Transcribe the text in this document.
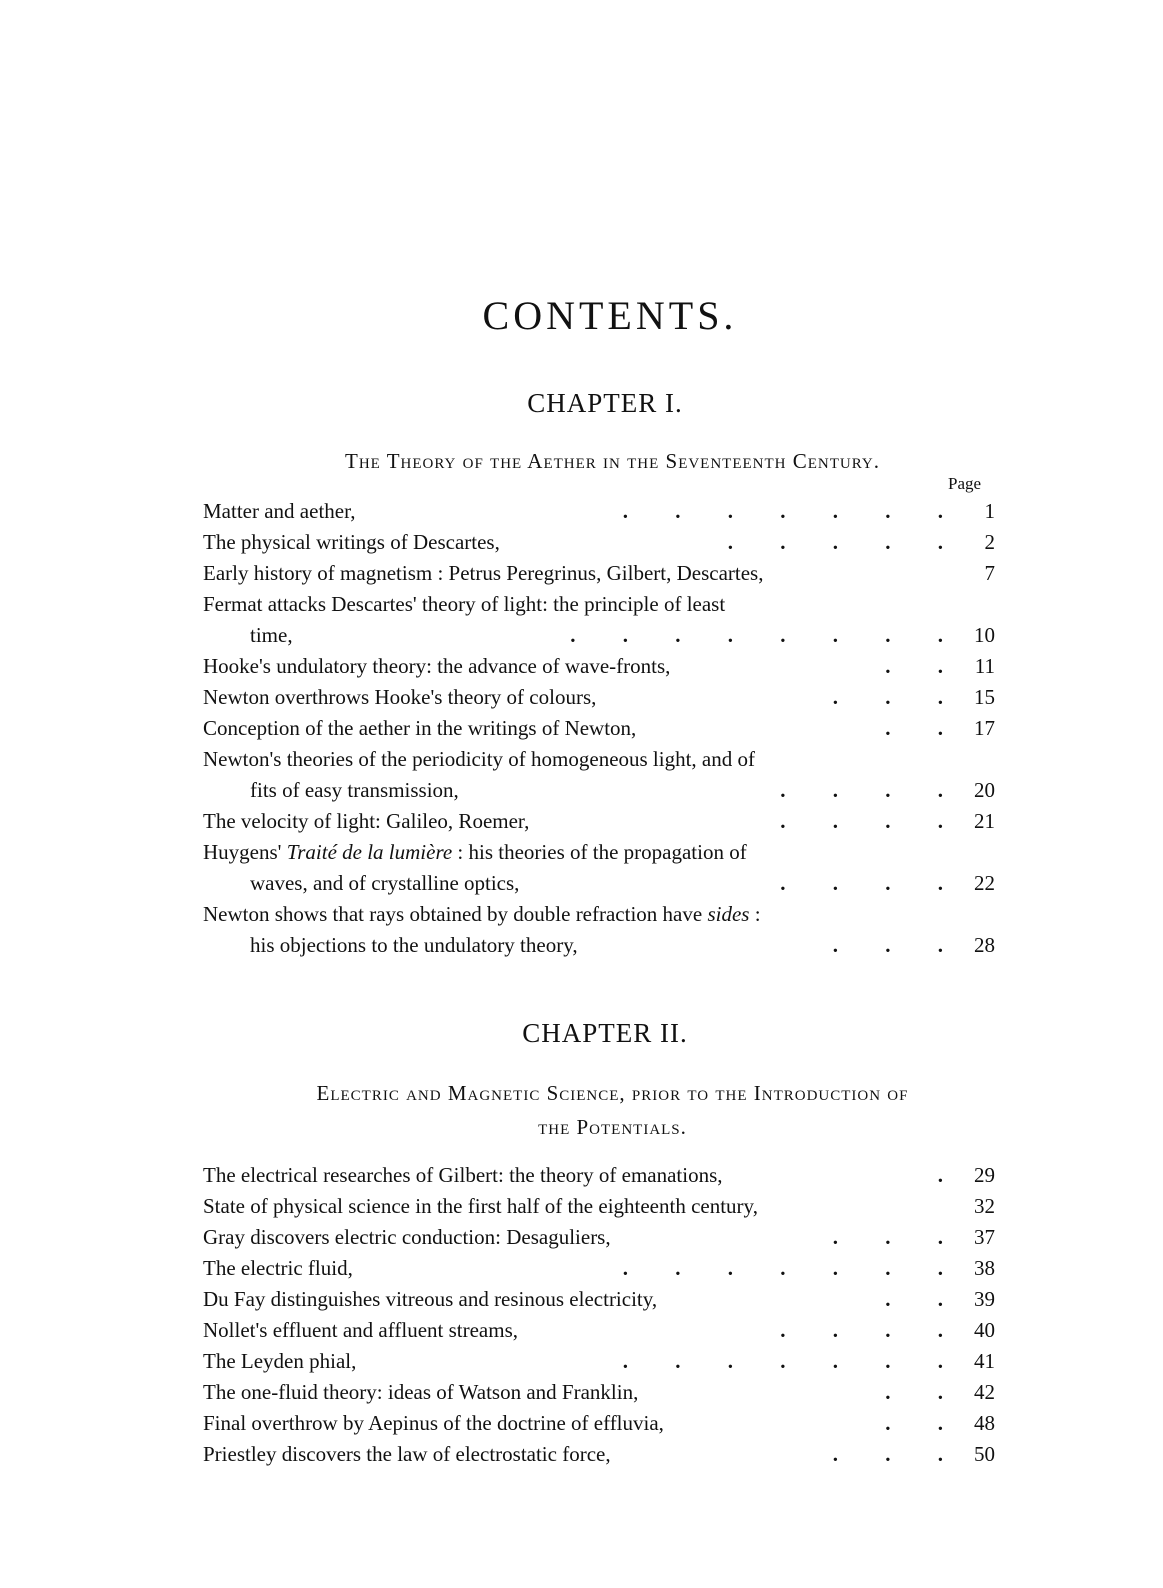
CONTENTS.
CHAPTER I.
The Theory of the Aether in the Seventeenth Century.
Page
Matter and aether,	.         .         .         .         .         .         .	1
The physical writings of Descartes,	.         .         .         .         .	2
Early history of magnetism : Petrus Peregrinus, Gilbert, Descartes,	7
Fermat attacks Descartes' theory of light: the principle of least
time,	.         .         .         .         .         .         .         .	10
Hooke's undulatory theory: the advance of wave-fronts,	.         .	11
Newton overthrows Hooke's theory of colours,	.         .         .	15
Conception of the aether in the writings of Newton,	.         .	17
Newton's theories of the periodicity of homogeneous light, and of
fits of easy transmission,	.         .         .         .	20
The velocity of light: Galileo, Roemer,	.         .         .         .	21
Huygens' Traité de la lumière : his theories of the propagation of
waves, and of crystalline optics,	.         .         .         .	22
Newton shows that rays obtained by double refraction have sides :
his objections to the undulatory theory,	.         .         .	28
CHAPTER II.
Electric and Magnetic Science, prior to the Introduction of
the Potentials.
The electrical researches of Gilbert: the theory of emanations,	.	29
State of physical science in the first half of the eighteenth century,	32
Gray discovers electric conduction: Desaguliers,	.         .         .	37
The electric fluid,	.         .         .         .         .         .         .	38
Du Fay distinguishes vitreous and resinous electricity,	.         .	39
Nollet's effluent and affluent streams,	.         .         .         .	40
The Leyden phial,	.         .         .         .         .         .         .	41
The one-fluid theory: ideas of Watson and Franklin,	.         .	42
Final overthrow by Aepinus of the doctrine of effluvia,	.         .	48
Priestley discovers the law of electrostatic force,	.         .         .	50
